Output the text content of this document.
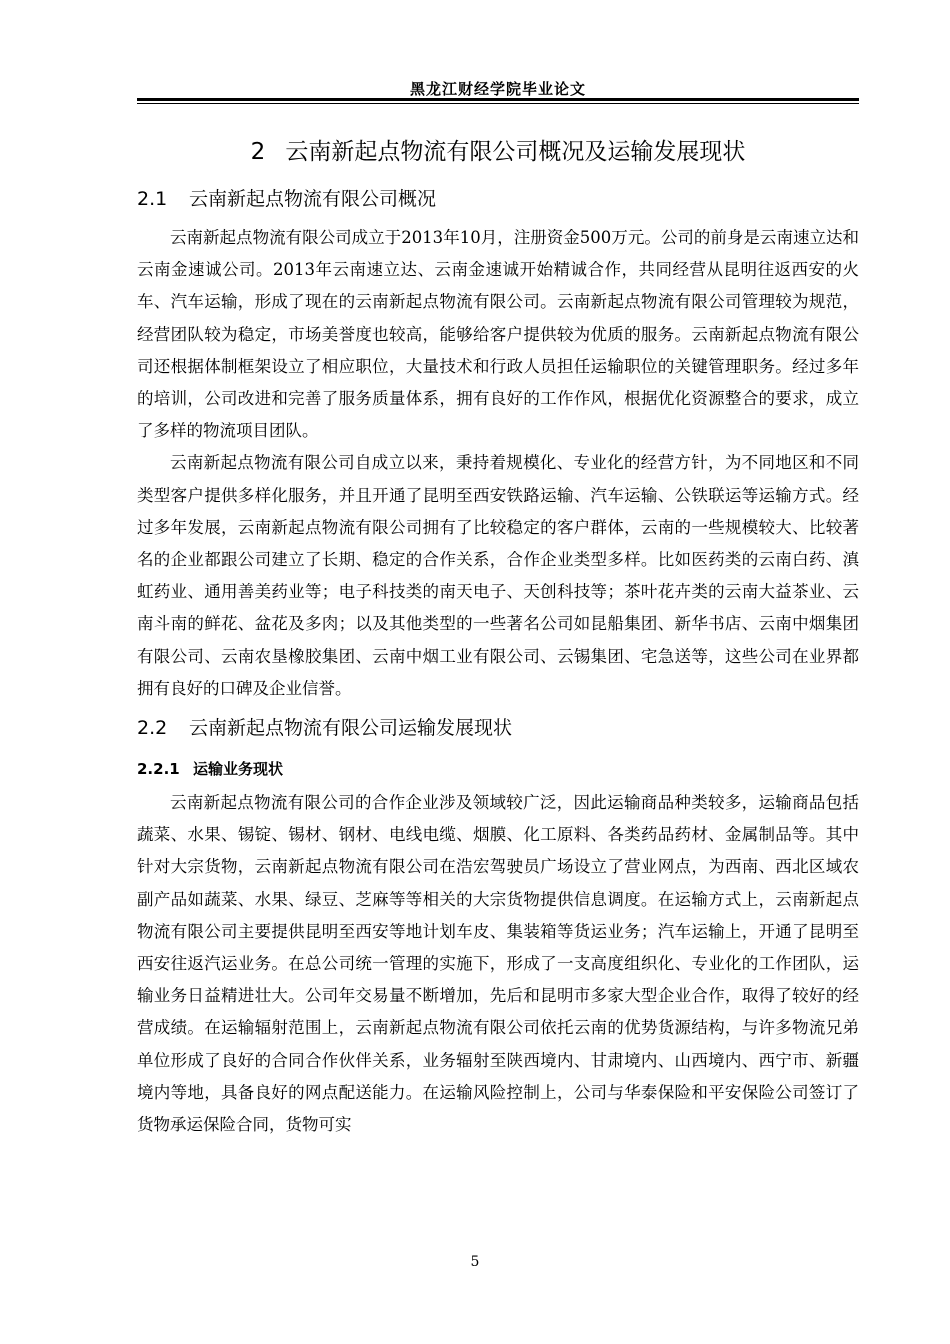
黑龙江财经学院毕业论文
2 云南新起点物流有限公司概况及运输发展现状
2.1 云南新起点物流有限公司概况

云南新起点物流有限公司成立于2013年10月，注册资金500万元。公司的前身是云南速立达和云南金速诚公司。2013年云南速立达、云南金速诚开始精诚合作，共同经营从昆明往返西安的火车、汽车运输，形成了现在的云南新起点物流有限公司。云南新起点物流有限公司管理较为规范，经营团队较为稳定，市场美誉度也较高，能够给客户提供较为优质的服务。云南新起点物流有限公司还根据体制框架设立了相应职位，大量技术和行政人员担任运输职位的关键管理职务。经过多年的培训，公司改进和完善了服务质量体系，拥有良好的工作作风，根据优化资源整合的要求，成立了多样的物流项目团队。

云南新起点物流有限公司自成立以来，秉持着规模化、专业化的经营方针，为不同地区和不同类型客户提供多样化服务，并且开通了昆明至西安铁路运输、汽车运输、公铁联运等运输方式。经过多年发展，云南新起点物流有限公司拥有了比较稳定的客户群体，云南的一些规模较大、比较著名的企业都跟公司建立了长期、稳定的合作关系，合作企业类型多样。比如医药类的云南白药、滇虹药业、通用善美药业等；电子科技类的南天电子、天创科技等；茶叶花卉类的云南大益茶业、云南斗南的鲜花、盆花及多肉；以及其他类型的一些著名公司如昆船集团、新华书店、云南中烟集团有限公司、云南农垦橡胶集团、云南中烟工业有限公司、云锡集团、宅急送等，这些公司在业界都拥有良好的口碑及企业信誉。

2.2 云南新起点物流有限公司运输发展现状
2.2.1 运输业务现状

云南新起点物流有限公司的合作企业涉及领域较广泛，因此运输商品种类较多，运输商品包括蔬菜、水果、锡锭、锡材、钢材、电线电缆、烟膜、化工原料、各类药品药材、金属制品等。其中针对大宗货物，云南新起点物流有限公司在浩宏驾驶员广场设立了营业网点，为西南、西北区域农副产品如蔬菜、水果、绿豆、芝麻等等相关的大宗货物提供信息调度。在运输方式上，云南新起点物流有限公司主要提供昆明至西安等地计划车皮、集装箱等货运业务；汽车运输上，开通了昆明至西安往返汽运业务。在总公司统一管理的实施下，形成了一支高度组织化、专业化的工作团队，运输业务日益精进壮大。公司年交易量不断增加，先后和昆明市多家大型企业合作，取得了较好的经营成绩。在运输辐射范围上，云南新起点物流有限公司依托云南的优势货源结构，与许多物流兄弟单位形成了良好的合同合作伙伴关系，业务辐射至陕西境内、甘肃境内、山西境内、西宁市、新疆境内等地，具备良好的网点配送能力。在运输风险控制上，公司与华泰保险和平安保险公司签订了货物承运保险合同，货物可实

5
